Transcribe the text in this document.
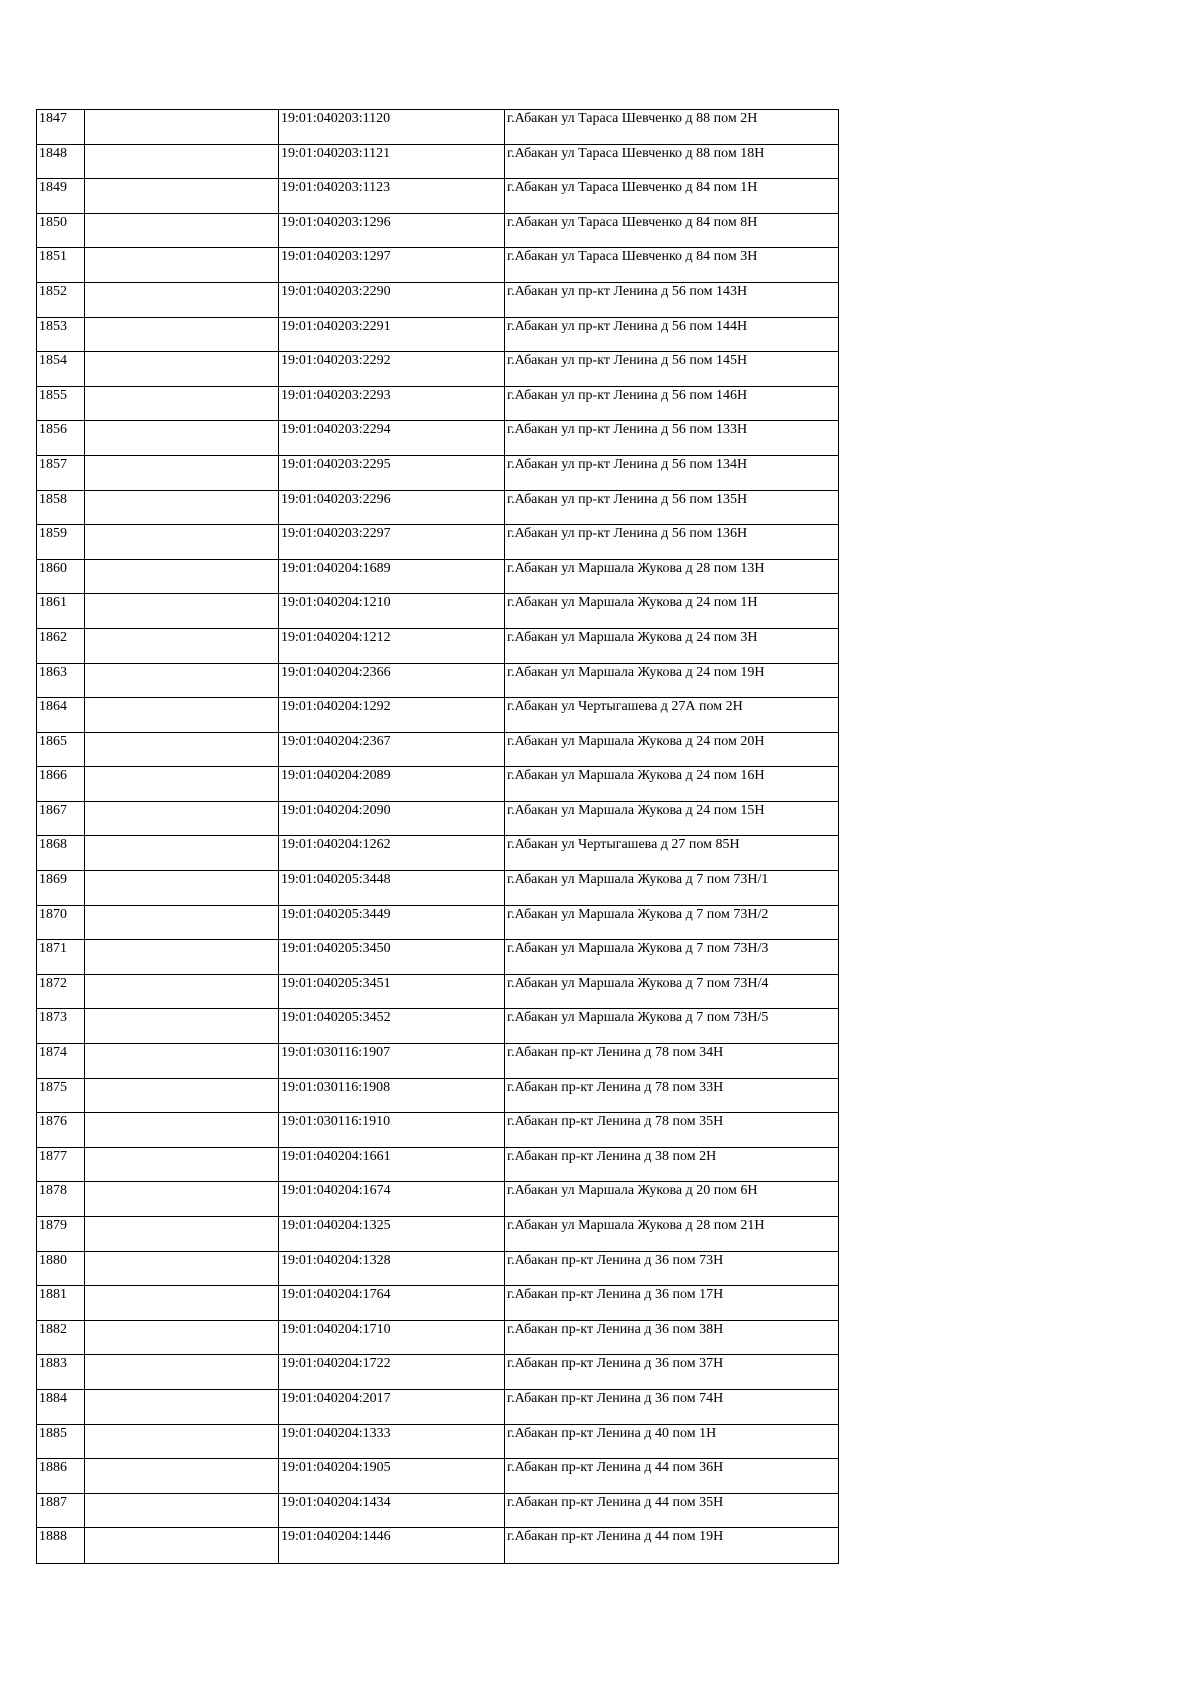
1847		19:01:040203:1120	г.Абакан ул Тараса Шевченко д 88 пом 2Н
1848		19:01:040203:1121	г.Абакан ул Тараса Шевченко д 88 пом 18Н
1849		19:01:040203:1123	г.Абакан ул Тараса Шевченко д 84 пом 1Н
1850		19:01:040203:1296	г.Абакан ул Тараса Шевченко д 84 пом 8Н
1851		19:01:040203:1297	г.Абакан ул Тараса Шевченко д 84 пом 3Н
1852		19:01:040203:2290	г.Абакан ул пр-кт Ленина д 56 пом 143Н
1853		19:01:040203:2291	г.Абакан ул пр-кт Ленина д 56 пом 144Н
1854		19:01:040203:2292	г.Абакан ул пр-кт Ленина д 56 пом 145Н
1855		19:01:040203:2293	г.Абакан ул пр-кт Ленина д 56 пом 146Н
1856		19:01:040203:2294	г.Абакан ул пр-кт Ленина д 56 пом 133Н
1857		19:01:040203:2295	г.Абакан ул пр-кт Ленина д 56 пом 134Н
1858		19:01:040203:2296	г.Абакан ул пр-кт Ленина д 56 пом 135Н
1859		19:01:040203:2297	г.Абакан ул пр-кт Ленина д 56 пом 136Н
1860		19:01:040204:1689	г.Абакан ул Маршала Жукова д 28 пом 13Н
1861		19:01:040204:1210	г.Абакан ул Маршала Жукова д 24 пом 1Н
1862		19:01:040204:1212	г.Абакан ул Маршала Жукова д 24 пом 3Н
1863		19:01:040204:2366	г.Абакан ул Маршала Жукова д 24 пом 19Н
1864		19:01:040204:1292	г.Абакан ул Чертыгашева д 27А пом 2Н
1865		19:01:040204:2367	г.Абакан ул Маршала Жукова д 24 пом 20Н
1866		19:01:040204:2089	г.Абакан ул Маршала Жукова д 24 пом 16Н
1867		19:01:040204:2090	г.Абакан ул Маршала Жукова д 24 пом 15Н
1868		19:01:040204:1262	г.Абакан ул Чертыгашева д 27 пом 85Н
1869		19:01:040205:3448	г.Абакан ул Маршала Жукова д 7 пом 73Н/1
1870		19:01:040205:3449	г.Абакан ул Маршала Жукова д 7 пом 73Н/2
1871		19:01:040205:3450	г.Абакан ул Маршала Жукова д 7 пом 73Н/3
1872		19:01:040205:3451	г.Абакан ул Маршала Жукова д 7 пом 73Н/4
1873		19:01:040205:3452	г.Абакан ул Маршала Жукова д 7 пом 73Н/5
1874		19:01:030116:1907	г.Абакан пр-кт Ленина д 78 пом 34Н
1875		19:01:030116:1908	г.Абакан пр-кт Ленина д 78 пом 33Н
1876		19:01:030116:1910	г.Абакан пр-кт Ленина д 78 пом 35Н
1877		19:01:040204:1661	г.Абакан пр-кт Ленина д 38 пом 2Н
1878		19:01:040204:1674	г.Абакан ул Маршала Жукова д 20 пом 6Н
1879		19:01:040204:1325	г.Абакан ул Маршала Жукова д 28 пом 21Н
1880		19:01:040204:1328	г.Абакан пр-кт Ленина д 36 пом 73Н
1881		19:01:040204:1764	г.Абакан пр-кт Ленина д 36 пом 17Н
1882		19:01:040204:1710	г.Абакан пр-кт Ленина д 36 пом 38Н
1883		19:01:040204:1722	г.Абакан пр-кт Ленина д 36 пом 37Н
1884		19:01:040204:2017	г.Абакан пр-кт Ленина д 36 пом 74Н
1885		19:01:040204:1333	г.Абакан пр-кт Ленина д 40 пом 1Н
1886		19:01:040204:1905	г.Абакан пр-кт Ленина д 44 пом 36Н
1887		19:01:040204:1434	г.Абакан пр-кт Ленина д 44 пом 35Н
1888		19:01:040204:1446	г.Абакан пр-кт Ленина д 44 пом 19Н
